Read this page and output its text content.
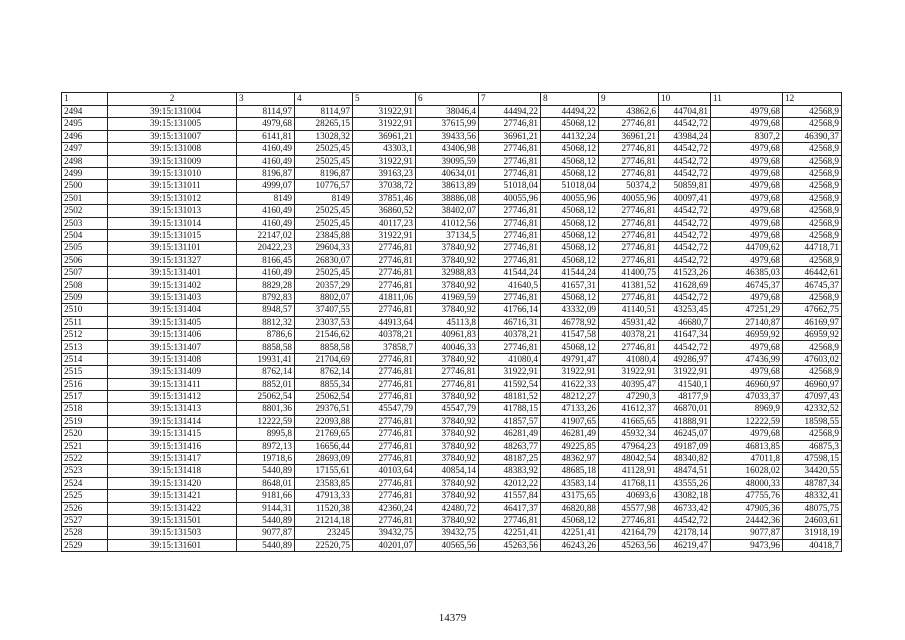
1	2	3	4	5	6	7	8	9	10	11	12
2494	39:15:131004	8114,97	8114,97	31922,91	38046,4	44494,22	44494,22	43862,6	44704,81	4979,68	42568,9
2495	39:15:131005	4979,68	28265,15	31922,91	37615,99	27746,81	45068,12	27746,81	44542,72	4979,68	42568,9
2496	39:15:131007	6141,81	13028,32	36961,21	39433,56	36961,21	44132,24	36961,21	43984,24	8307,2	46390,37
2497	39:15:131008	4160,49	25025,45	43303,1	43406,98	27746,81	45068,12	27746,81	44542,72	4979,68	42568,9
2498	39:15:131009	4160,49	25025,45	31922,91	39095,59	27746,81	45068,12	27746,81	44542,72	4979,68	42568,9
2499	39:15:131010	8196,87	8196,87	39163,23	40634,01	27746,81	45068,12	27746,81	44542,72	4979,68	42568,9
2500	39:15:131011	4999,07	10776,57	37038,72	38613,89	51018,04	51018,04	50374,2	50859,81	4979,68	42568,9
2501	39:15:131012	8149	8149	37851,46	38886,08	40055,96	40055,96	40055,96	40097,41	4979,68	42568,9
2502	39:15:131013	4160,49	25025,45	36860,52	38402,07	27746,81	45068,12	27746,81	44542,72	4979,68	42568,9
2503	39:15:131014	4160,49	25025,45	40117,23	41012,56	27746,81	45068,12	27746,81	44542,72	4979,68	42568,9
2504	39:15:131015	22147,02	23845,88	31922,91	37134,5	27746,81	45068,12	27746,81	44542,72	4979,68	42568,9
2505	39:15:131101	20422,23	29604,33	27746,81	37840,92	27746,81	45068,12	27746,81	44542,72	44709,62	44718,71
2506	39:15:131327	8166,45	26830,07	27746,81	37840,92	27746,81	45068,12	27746,81	44542,72	4979,68	42568,9
2507	39:15:131401	4160,49	25025,45	27746,81	32988,83	41544,24	41544,24	41400,75	41523,26	46385,03	46442,61
2508	39:15:131402	8829,28	20357,29	27746,81	37840,92	41640,5	41657,31	41381,52	41628,69	46745,37	46745,37
2509	39:15:131403	8792,83	8802,07	41811,06	41969,59	27746,81	45068,12	27746,81	44542,72	4979,68	42568,9
2510	39:15:131404	8948,57	37407,55	27746,81	37840,92	41766,14	43332,09	41140,51	43253,45	47251,29	47662,75
2511	39:15:131405	8812,32	23037,53	44913,64	45113,8	46716,31	46778,92	45931,42	46680,7	27140,87	46169,97
2512	39:15:131406	8786,6	21546,62	40378,21	40961,83	40378,21	41547,58	40378,21	41647,34	46959,92	46959,92
2513	39:15:131407	8858,58	8858,58	37858,7	40046,33	27746,81	45068,12	27746,81	44542,72	4979,68	42568,9
2514	39:15:131408	19931,41	21704,69	27746,81	37840,92	41080,4	49791,47	41080,4	49286,97	47436,99	47603,02
2515	39:15:131409	8762,14	8762,14	27746,81	27746,81	31922,91	31922,91	31922,91	31922,91	4979,68	42568,9
2516	39:15:131411	8852,01	8855,34	27746,81	27746,81	41592,54	41622,33	40395,47	41540,1	46960,97	46960,97
2517	39:15:131412	25062,54	25062,54	27746,81	37840,92	48181,52	48212,27	47290,3	48177,9	47033,37	47097,43
2518	39:15:131413	8801,36	29376,51	45547,79	45547,79	41788,15	47133,26	41612,37	46870,01	8969,9	42332,52
2519	39:15:131414	12222,59	22093,88	27746,81	37840,92	41857,57	41907,65	41665,65	41888,91	12222,59	18598,55
2520	39:15:131415	8995,8	21769,65	27746,81	37840,92	46281,49	46281,49	45932,34	46245,07	4979,68	42568,9
2521	39:15:131416	8972,13	16656,44	27746,81	37840,92	48263,77	49225,85	47964,23	49187,09	46813,85	46875,3
2522	39:15:131417	19718,6	28693,09	27746,81	37840,92	48187,25	48362,97	48042,54	48340,82	47011,8	47598,15
2523	39:15:131418	5440,89	17155,61	40103,64	40854,14	48383,92	48685,18	41128,91	48474,51	16028,02	34420,55
2524	39:15:131420	8648,01	23583,85	27746,81	37840,92	42012,22	43583,14	41768,11	43555,26	48000,33	48787,34
2525	39:15:131421	9181,66	47913,33	27746,81	37840,92	41557,84	43175,65	40693,6	43082,18	47755,76	48332,41
2526	39:15:131422	9144,31	11520,38	42360,24	42480,72	46417,37	46820,88	45577,98	46733,42	47905,36	48075,75
2527	39:15:131501	5440,89	21214,18	27746,81	37840,92	27746,81	45068,12	27746,81	44542,72	24442,36	24603,61
2528	39:15:131503	9077,87	23245	39432,75	39432,75	42251,41	42251,41	42164,79	42178,14	9077,87	31918,19
2529	39:15:131601	5440,89	22520,75	40201,07	40565,56	45263,56	46243,26	45263,56	46219,47	9473,96	40418,7
14379
